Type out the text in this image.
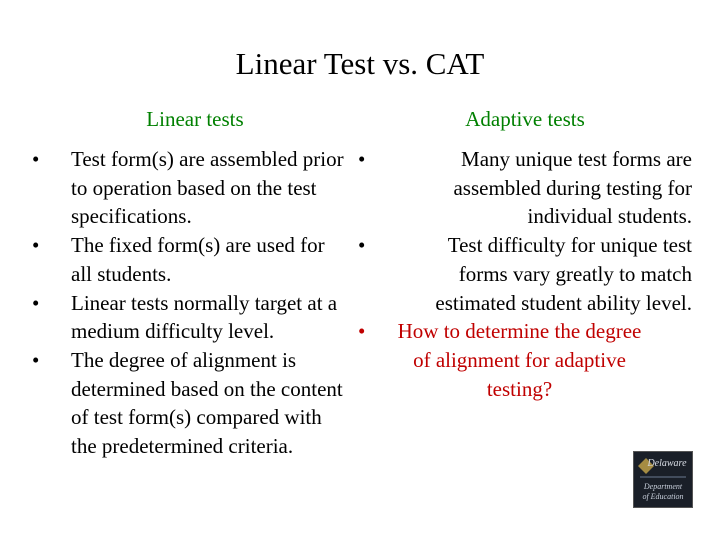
Linear Test vs. CAT
Linear tests	Adaptive tests
•	Test form(s) are assembled prior to operation based on the test specifications.
•	The fixed form(s) are used for all students.
•	Linear tests normally target at a medium difficulty level.
•	The degree of alignment is determined based on the content of test form(s) compared with the predetermined criteria.
•	Many unique test forms are assembled during testing for individual students.
•	Test difficulty for unique test forms vary greatly to match estimated student ability level.
•	How to determine the degree of alignment for adaptive testing?
Delaware
Department
of Education
